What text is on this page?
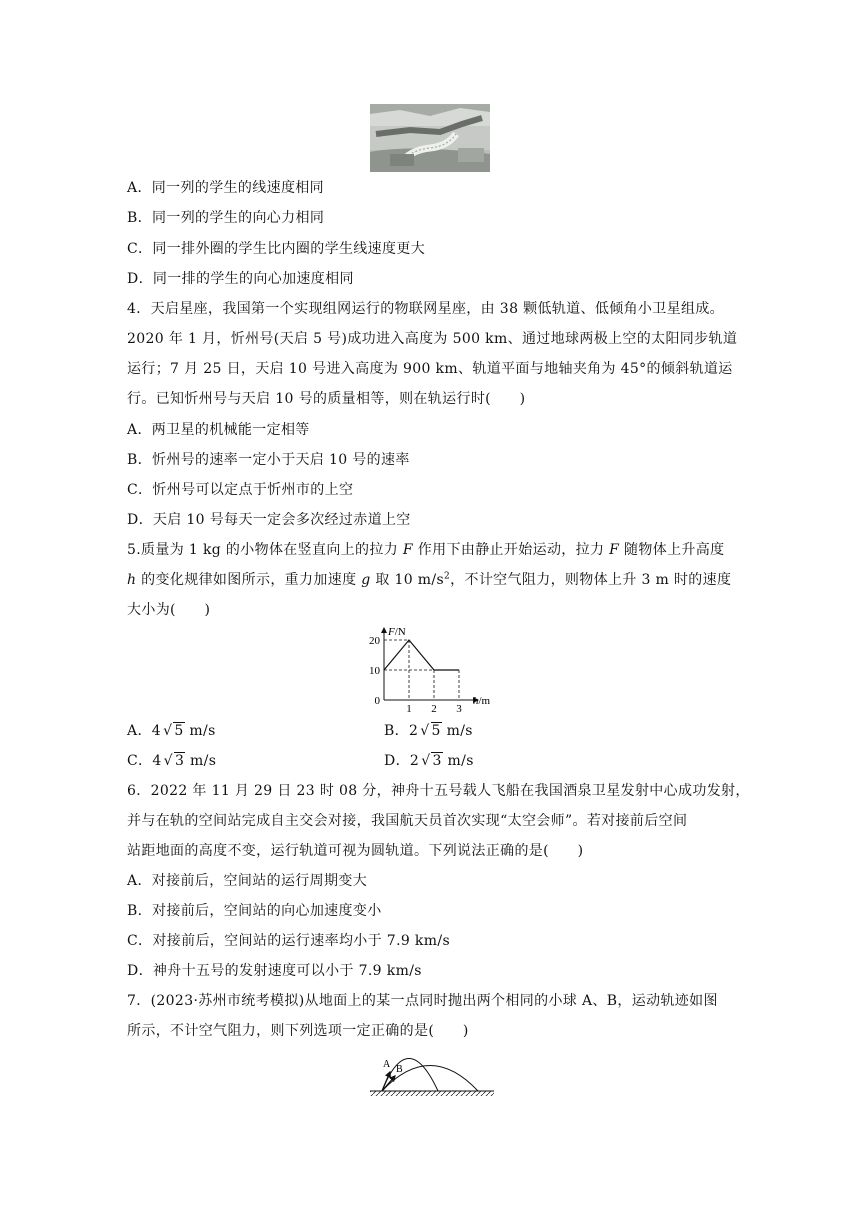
A．同一列的学生的线速度相同
B．同一列的学生的向心力相同
C．同一排外圈的学生比内圈的学生线速度更大
D．同一排的学生的向心加速度相同
4．天启星座，我国第一个实现组网运行的物联网星座，由 38 颗低轨道、低倾角小卫星组成。
2020 年 1 月，忻州号(天启 5 号)成功进入高度为 500 km、通过地球两极上空的太阳同步轨道
运行；7 月 25 日，天启 10 号进入高度为 900 km、轨道平面与地轴夹角为 45°的倾斜轨道运
行。已知忻州号与天启 10 号的质量相等，则在轨运行时(　　)
A．两卫星的机械能一定相等
B．忻州号的速率一定小于天启 10 号的速率
C．忻州号可以定点于忻州市的上空
D．天启 10 号每天一定会多次经过赤道上空
5.质量为 1 kg 的小物体在竖直向上的拉力 F 作用下由静止开始运动，拉力 F 随物体上升高度
h 的变化规律如图所示，重力加速度 g 取 10 $m/s^2$，不计空气阻力，则物体上升 3 m 时的速度
大小为(　　)
20
10
0
1 2 3
F/N
h/m
A．4 √ 5 m/s	B．2 √ 5 m/s
C．4 √ 3 m/s	D．2 √ 3 m/s
6．2022 年 11 月 29 日 23 时 08 分，神舟十五号载人飞船在我国酒泉卫星发射中心成功发射，
并与在轨的空间站完成自主交会对接，我国航天员首次实现“太空会师”。若对接前后空间
站距地面的高度不变，运行轨道可视为圆轨道。下列说法正确的是(　　)
A．对接前后，空间站的运行周期变大
B．对接前后，空间站的向心加速度变小
C．对接前后，空间站的运行速率均小于 7.9 km/s
D．神舟十五号的发射速度可以小于 7.9 km/s
7．(2023·苏州市统考模拟)从地面上的某一点同时抛出两个相同的小球 A、B，运动轨迹如图
所示，不计空气阻力，则下列选项一定正确的是(　　)
A B
